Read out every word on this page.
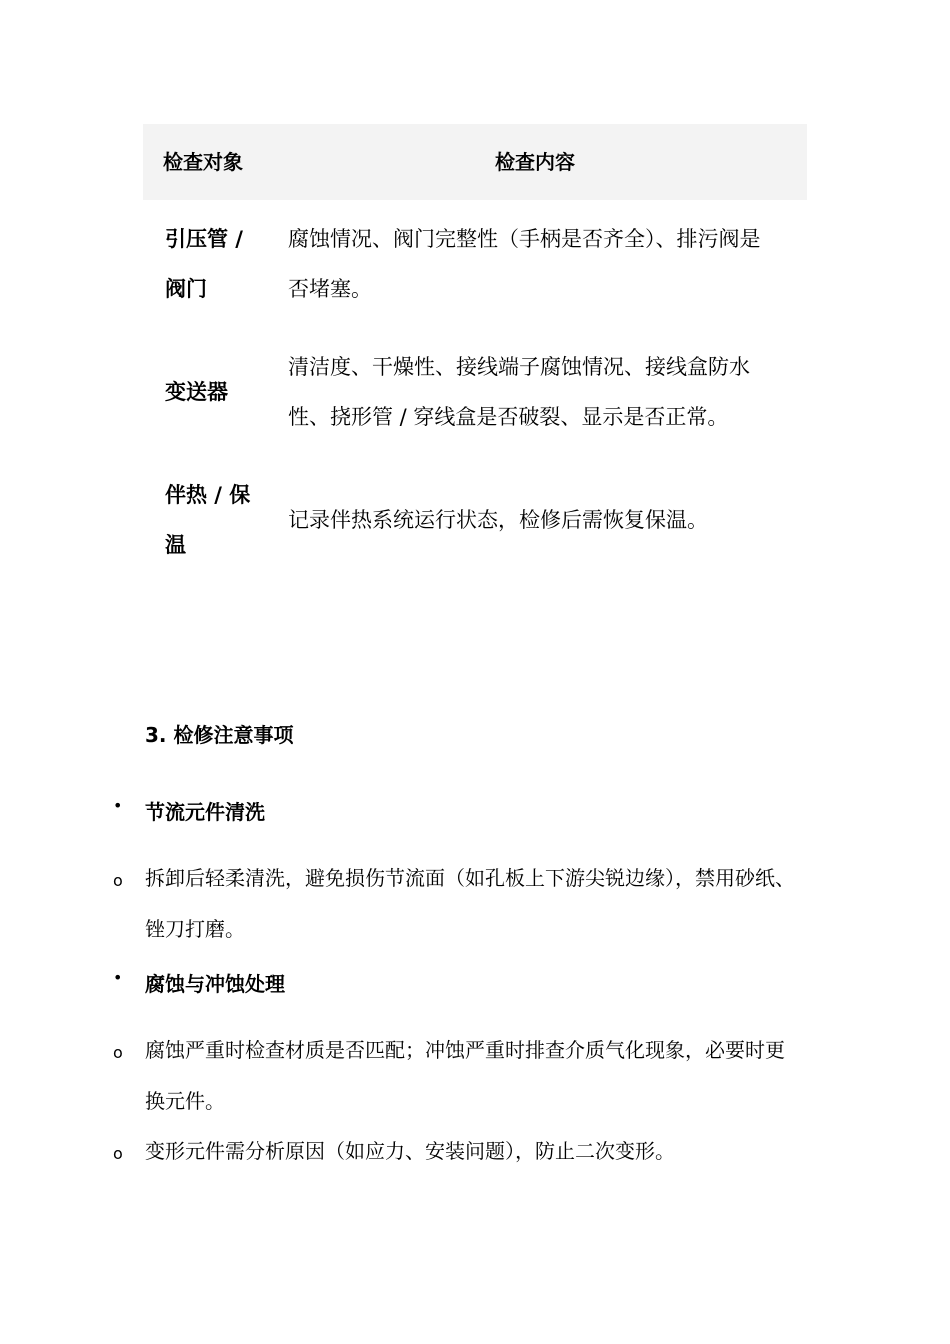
检查对象	检查内容
引压管 / 阀门	腐蚀情况、阀门完整性（手柄是否齐全）、排污阀是否堵塞。
变送器	清洁度、干燥性、接线端子腐蚀情况、接线盒防水性、挠形管 / 穿线盒是否破裂、显示是否正常。
伴热 / 保温	记录伴热系统运行状态，检修后需恢复保温。
3. 检修注意事项
• 节流元件清洗
o 拆卸后轻柔清洗，避免损伤节流面（如孔板上下游尖锐边缘），禁用砂纸、锉刀打磨。
• 腐蚀与冲蚀处理
o 腐蚀严重时检查材质是否匹配；冲蚀严重时排查介质气化现象，必要时更换元件。
o 变形元件需分析原因（如应力、安装问题），防止二次变形。
